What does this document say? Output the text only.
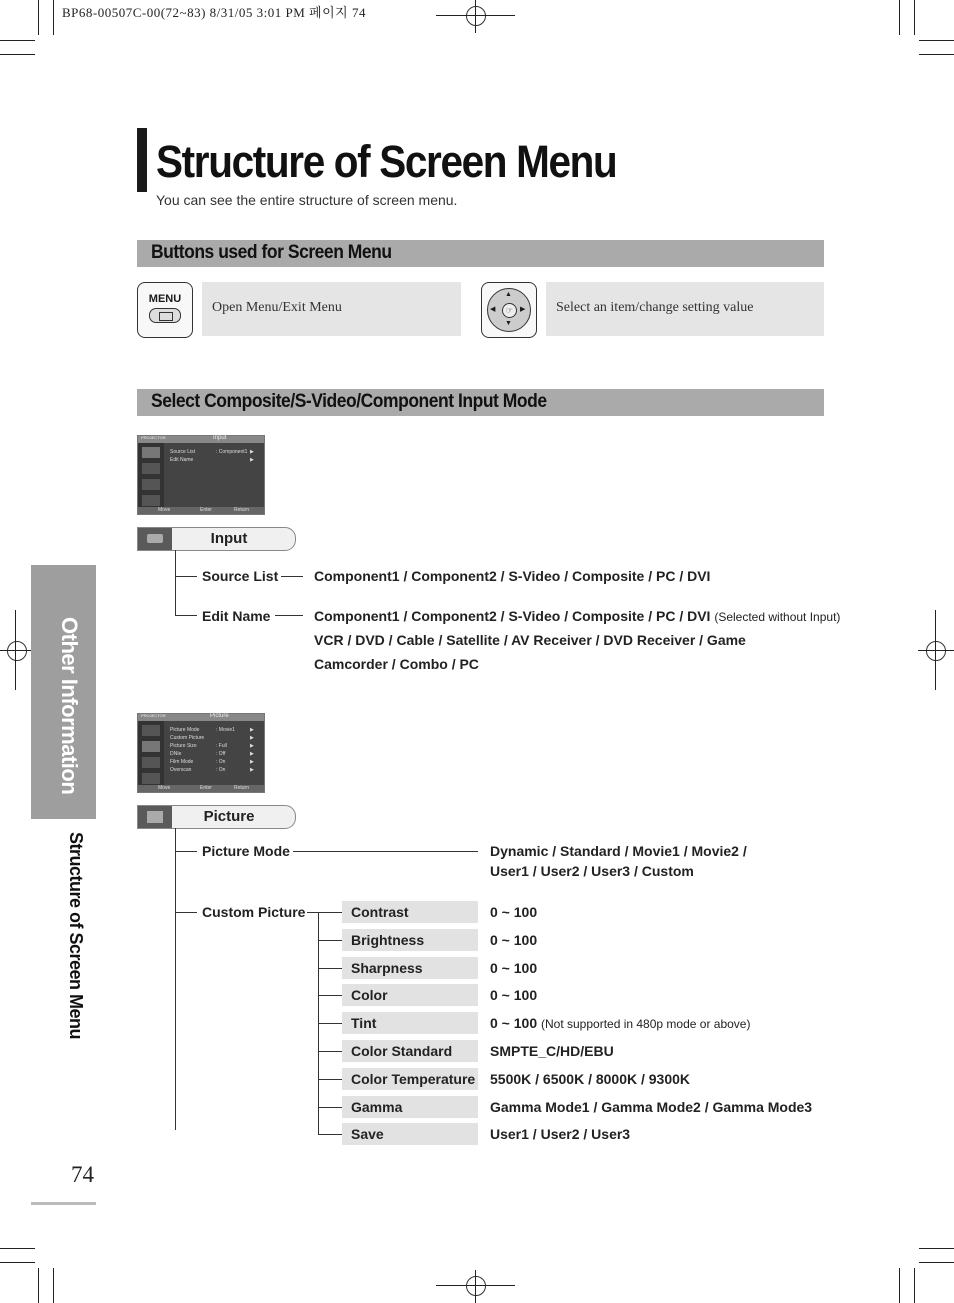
BP68-00507C-00(72~83) 8/31/05 3:01 PM 페이지 74
Structure of Screen Menu
You can see the entire structure of screen menu.
Buttons used for Screen Menu
MENU
Open Menu/Exit Menu	☞
▲
▼
◀	▶ Select an item/change setting value
Select Composite/S-Video/Component Input Mode
PROJECTOR	Input
Source List	: Component1 ▶
Edit Name	▶
Move	Enter	Return
Input
Source List	Component1 / Component2 / S-Video / Composite / PC / DVI
Edit Name	Component1 / Component2 / S-Video / Composite / PC / DVI (Selected without Input)
VCR / DVD / Cable / Satellite / AV Receiver / DVD Receiver / Game
Camcorder / Combo / PC
PROJECTOR	Picture
Picture Mode	: Movie1	▶
Custom Picture	▶
Picture Size	: Full	▶
DNIe	: Off	▶
Film Mode	: On	▶
Overscan	: On	▶
Move	Enter	Return
Picture
Picture Mode	Dynamic / Standard / Movie1 / Movie2 /
User1 / User2 / User3 / Custom
Custom Picture	Contrast	0 ~ 100
Brightness	0 ~ 100
Sharpness	0 ~ 100
Color	0 ~ 100
Tint	0 ~ 100 (Not supported in 480p mode or above)
Color Standard	SMPTE_C/HD/EBU
Color Temperature 5500K / 6500K / 8000K / 9300K
Gamma	Gamma Mode1 / Gamma Mode2 / Gamma Mode3
Save	User1 / User2 / User3
Other Information
Structure of Screen Menu
74
